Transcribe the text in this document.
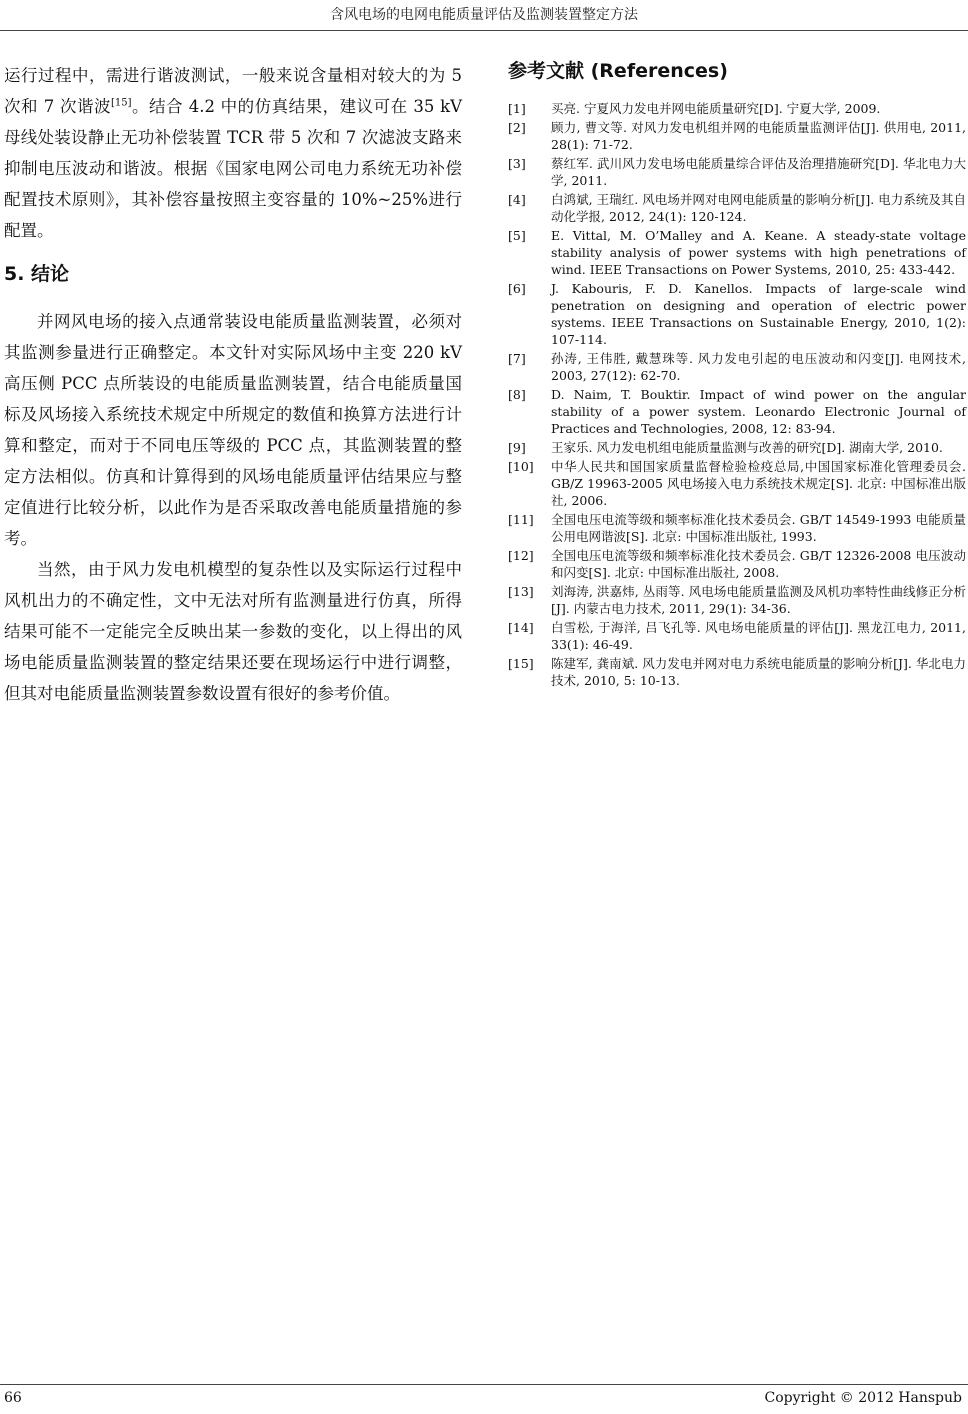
含风电场的电网电能质量评估及监测装置整定方法

运行过程中，需进行谐波测试，一般来说含量相对较大的为 5 次和 7 次谐波[15]。结合 4.2 中的仿真结果，建议可在 35 kV 母线处装设静止无功补偿装置 TCR 带 5 次和 7 次滤波支路来抑制电压波动和谐波。根据《国家电网公司电力系统无功补偿配置技术原则》，其补偿容量按照主变容量的 10%~25%进行配置。

5. 结论

并网风电场的接入点通常装设电能质量监测装置，必须对其监测参量进行正确整定。本文针对实际风场中主变 220 kV 高压侧 PCC 点所装设的电能质量监测装置，结合电能质量国标及风场接入系统技术规定中所规定的数值和换算方法进行计算和整定，而对于不同电压等级的 PCC 点，其监测装置的整定方法相似。仿真和计算得到的风场电能质量评估结果应与整定值进行比较分析，以此作为是否采取改善电能质量措施的参考。

当然，由于风力发电机模型的复杂性以及实际运行过程中风机出力的不确定性，文中无法对所有监测量进行仿真，所得结果可能不一定能完全反映出某一参数的变化，以上得出的风场电能质量监测装置的整定结果还要在现场运行中进行调整，但其对电能质量监测装置参数设置有很好的参考价值。

参考文献 (References)
[1] 买亮. 宁夏风力发电并网电能质量研究[D]. 宁夏大学, 2009.
[2] 顾力, 曹文等. 对风力发电机组并网的电能质量监测评估[J]. 供用电, 2011, 28(1): 71-72.
[3] 蔡红军. 武川风力发电场电能质量综合评估及治理措施研究[D]. 华北电力大学, 2011.
[4] 白鸿斌, 王瑞红. 风电场并网对电网电能质量的影响分析[J]. 电力系统及其自动化学报, 2012, 24(1): 120-124.
[5] E. Vittal, M. O’Malley and A. Keane. A steady-state voltage stability analysis of power systems with high penetrations of wind. IEEE Transactions on Power Systems, 2010, 25: 433-442.
[6] J. Kabouris, F. D. Kanellos. Impacts of large-scale wind penetration on designing and operation of electric power systems. IEEE Transactions on Sustainable Energy, 2010, 1(2): 107-114.
[7] 孙涛, 王伟胜, 戴慧珠等. 风力发电引起的电压波动和闪变[J]. 电网技术, 2003, 27(12): 62-70.
[8] D. Naim, T. Bouktir. Impact of wind power on the angular stability of a power system. Leonardo Electronic Journal of Practices and Technologies, 2008, 12: 83-94.
[9] 王家乐. 风力发电机组电能质量监测与改善的研究[D]. 湖南大学, 2010.
[10] 中华人民共和国国家质量监督检验检疫总局,中国国家标准化管理委员会. GB/Z 19963-2005 风电场接入电力系统技术规定[S]. 北京: 中国标准出版社, 2006.
[11] 全国电压电流等级和频率标准化技术委员会. GB/T 14549-1993 电能质量公用电网谐波[S]. 北京: 中国标准出版社, 1993.
[12] 全国电压电流等级和频率标准化技术委员会. GB/T 12326-2008 电压波动和闪变[S]. 北京: 中国标准出版社, 2008.
[13] 刘海涛, 洪嘉炜, 丛雨等. 风电场电能质量监测及风机功率特性曲线修正分析[J]. 内蒙古电力技术, 2011, 29(1): 34-36.
[14] 白雪松, 于海洋, 吕飞孔等. 风电场电能质量的评估[J]. 黑龙江电力, 2011, 33(1): 46-49.
[15] 陈建军, 龚南斌. 风力发电并网对电力系统电能质量的影响分析[J]. 华北电力技术, 2010, 5: 10-13.
66	Copyright © 2012 Hanspub
